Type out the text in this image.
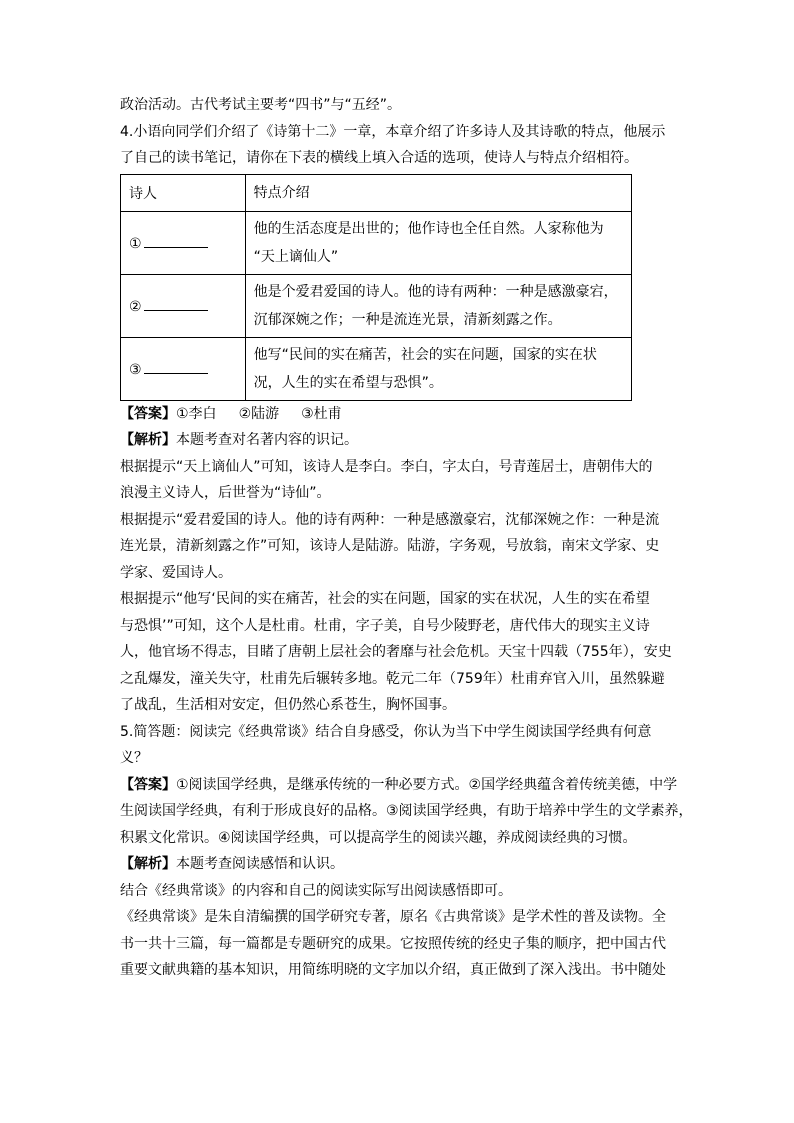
政治活动。古代考试主要考“四书”与“五经”。

4.小语向同学们介绍了《诗第十二》一章，本章介绍了许多诗人及其诗歌的特点，他展示

了自己的读书笔记，请你在下表的横线上填入合适的选项，使诗人与特点介绍相符。

诗人	特点介绍
①	他的生活态度是出世的；他作诗也全任自然。人家称他为
“天上谪仙人”

②	他是个爱君爱国的诗人。他的诗有两种：一种是感激豪宕，
沉郁深婉之作；一种是流连光景，清新刻露之作。

③	他写“民间的实在痛苦，社会的实在问题，国家的实在状
况，人生的实在希望与恐惧”。

【答案】①李白 ②陆游 ③杜甫

【解析】本题考查对名著内容的识记。

根据提示“天上谪仙人”可知，该诗人是李白。李白，字太白，号青莲居士，唐朝伟大的

浪漫主义诗人，后世誉为“诗仙”。

根据提示“爱君爱国的诗人。他的诗有两种：一种是感激豪宕，沈郁深婉之作：一种是流

连光景，清新刻露之作”可知，该诗人是陆游。陆游，字务观，号放翁，南宋文学家、史

学家、爱国诗人。

根据提示“他写‘民间的实在痛苦，社会的实在问题，国家的实在状况，人生的实在希望

与恐惧’”可知，这个人是杜甫。杜甫，字子美，自号少陵野老，唐代伟大的现实主义诗

人，他官场不得志，目睹了唐朝上层社会的奢靡与社会危机。天宝十四载（755年），安史

之乱爆发，潼关失守，杜甫先后辗转多地。乾元二年（759年）杜甫弃官入川，虽然躲避

了战乱，生活相对安定，但仍然心系苍生，胸怀国事。

5.简答题：阅读完《经典常谈》结合自身感受，你认为当下中学生阅读国学经典有何意

义？

【答案】①阅读国学经典，是继承传统的一种必要方式。②国学经典蕴含着传统美德，中学

生阅读国学经典，有利于形成良好的品格。③阅读国学经典，有助于培养中学生的文学素养，

积累文化常识。④阅读国学经典，可以提高学生的阅读兴趣，养成阅读经典的习惯。

【解析】本题考查阅读感悟和认识。

结合《经典常谈》的内容和自己的阅读实际写出阅读感悟即可。

《经典常谈》是朱自清编撰的国学研究专著，原名《古典常谈》是学术性的普及读物。全

书一共十三篇，每一篇都是专题研究的成果。它按照传统的经史子集的顺序，把中国古代

重要文献典籍的基本知识，用简练明晓的文字加以介绍，真正做到了深入浅出。书中随处
